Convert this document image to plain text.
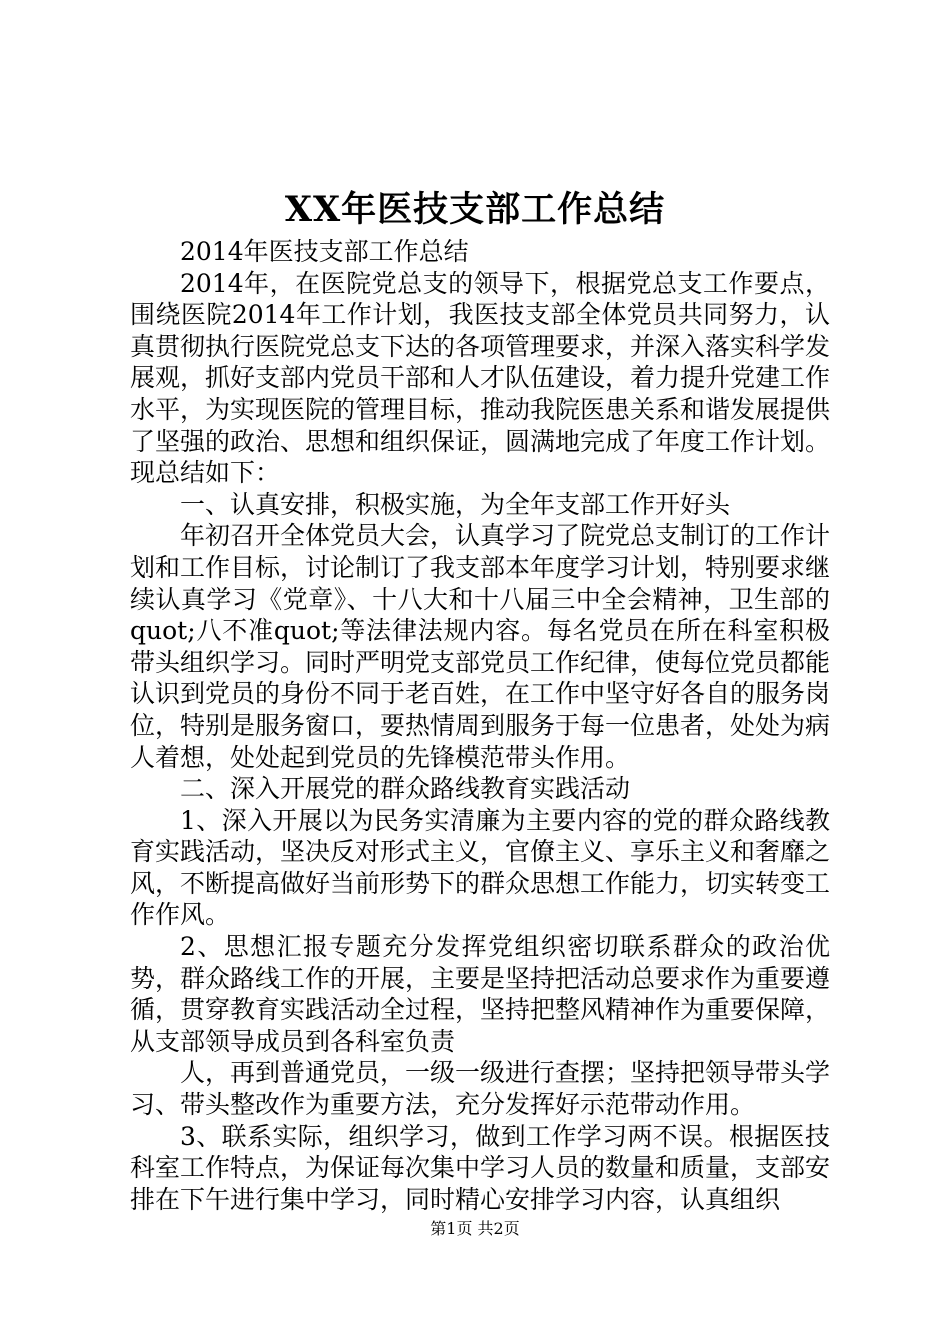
XX年医技支部工作总结

2014年医技支部工作总结

2014年，在医院党总支的领导下，根据党总支工作要点，围绕医院2014年工作计划，我医技支部全体党员共同努力，认真贯彻执行医院党总支下达的各项管理要求，并深入落实科学发展观，抓好支部内党员干部和人才队伍建设，着力提升党建工作水平，为实现医院的管理目标，推动我院医患关系和谐发展提供了坚强的政治、思想和组织保证，圆满地完成了年度工作计划。现总结如下：

一、认真安排，积极实施，为全年支部工作开好头

年初召开全体党员大会，认真学习了院党总支制订的工作计划和工作目标，讨论制订了我支部本年度学习计划，特别要求继续认真学习《党章》、十八大和十八届三中全会精神，卫生部的quot;八不准quot;等法律法规内容。每名党员在所在科室积极带头组织学习。同时严明党支部党员工作纪律，使每位党员都能认识到党员的身份不同于老百姓，在工作中坚守好各自的服务岗位，特别是服务窗口，要热情周到服务于每一位患者，处处为病人着想，处处起到党员的先锋模范带头作用。

二、深入开展党的群众路线教育实践活动

1、深入开展以为民务实清廉为主要内容的党的群众路线教育实践活动，坚决反对形式主义，官僚主义、享乐主义和奢靡之风，不断提高做好当前形势下的群众思想工作能力，切实转变工作作风。

2、思想汇报专题充分发挥党组织密切联系群众的政治优势，群众路线工作的开展，主要是坚持把活动总要求作为重要遵循，贯穿教育实践活动全过程，坚持把整风精神作为重要保障，从支部领导成员到各科室负责

人，再到普通党员，一级一级进行查摆；坚持把领导带头学习、带头整改作为重要方法，充分发挥好示范带动作用。

3、联系实际，组织学习，做到工作学习两不误。根据医技科室工作特点，为保证每次集中学习人员的数量和质量，支部安排在下午进行集中学习，同时精心安排学习内容，认真组织

第1页 共2页
